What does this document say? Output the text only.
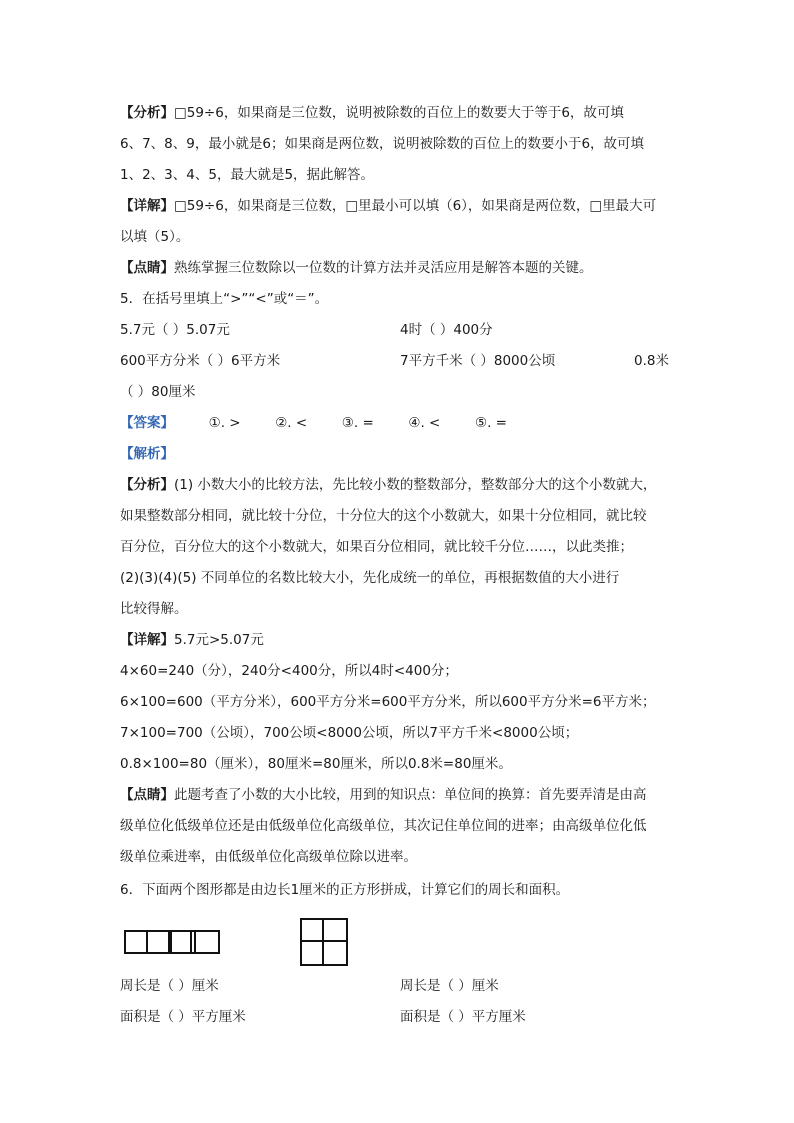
【分析】□59÷6，如果商是三位数，说明被除数的百位上的数要大于等于6，故可填
6、7、8、9，最小就是6；如果商是两位数，说明被除数的百位上的数要小于6，故可填
1、2、3、4、5，最大就是5，据此解答。
【详解】□59÷6，如果商是三位数，□里最小可以填（6），如果商是两位数，□里最大可
以填（5）。
【点睛】熟练掌握三位数除以一位数的计算方法并灵活应用是解答本题的关键。
5．在括号里填上“>”“<”或“＝”。
5.7元（ ）5.07元	4时（ ）400分
600平方分米（ ）6平方米	7平方千米（ ）8000公顷	0.8米
（ ）80厘米
【答案】	①. >	②. <	③. =	④. <	⑤. =
【解析】
【分析】(1) 小数大小的比较方法，先比较小数的整数部分，整数部分大的这个小数就大，
如果整数部分相同，就比较十分位，十分位大的这个小数就大，如果十分位相同，就比较
百分位，百分位大的这个小数就大，如果百分位相同，就比较千分位……，以此类推；
(2)(3)(4)(5) 不同单位的名数比较大小，先化成统一的单位，再根据数值的大小进行
比较得解。
【详解】5.7元>5.07元
4×60=240（分），240分<400分，所以4时<400分；
6×100=600（平方分米），600平方分米=600平方分米，所以600平方分米=6平方米；
7×100=700（公顷），700公顷<8000公顷，所以7平方千米<8000公顷；
0.8×100=80（厘米），80厘米=80厘米，所以0.8米=80厘米。
【点睛】此题考查了小数的大小比较，用到的知识点：单位间的换算：首先要弄清是由高
级单位化低级单位还是由低级单位化高级单位，其次记住单位间的进率；由高级单位化低
级单位乘进率，由低级单位化高级单位除以进率。
6．下面两个图形都是由边长1厘米的正方形拼成，计算它们的周长和面积。
周长是（ ）厘米	周长是（ ）厘米
面积是（ ）平方厘米	面积是（ ）平方厘米
